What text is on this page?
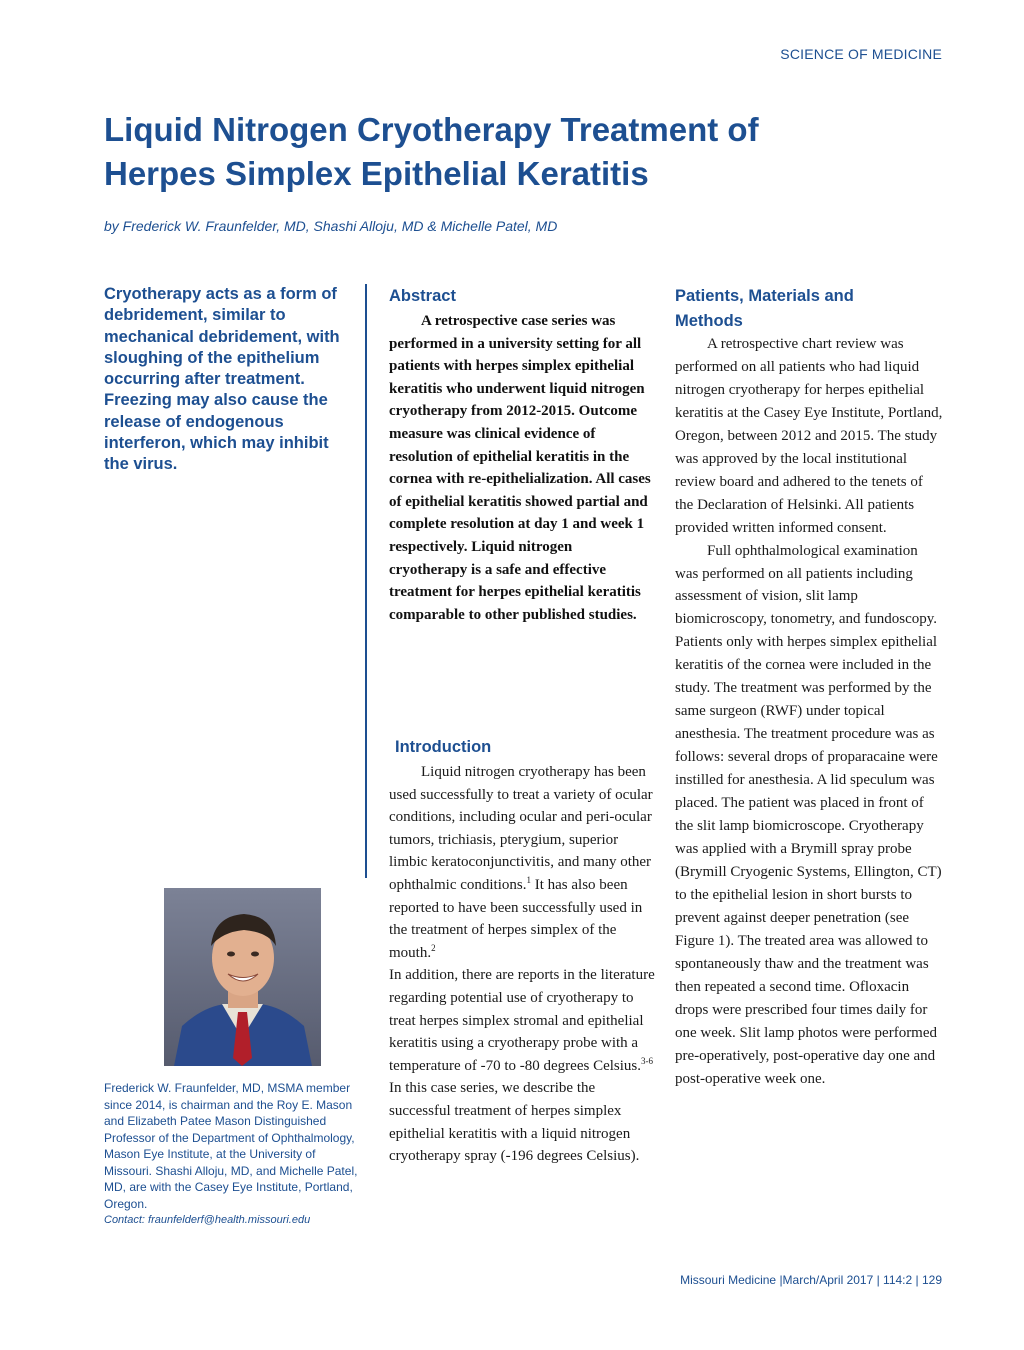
SCIENCE OF MEDICINE
Liquid Nitrogen Cryotherapy Treatment of Herpes Simplex Epithelial Keratitis
by Frederick W. Fraunfelder, MD, Shashi Alloju, MD & Michelle Patel, MD

Cryotherapy acts as a form of debridement, similar to mechanical debridement, with sloughing of the epithelium occurring after treatment. Freezing may also cause the release of endogenous interferon, which may inhibit the virus.

Frederick W. Fraunfelder, MD, MSMA member since 2014, is chairman and the Roy E. Mason and Elizabeth Patee Mason Distinguished Professor of the Department of Ophthalmology, Mason Eye Institute, at the University of Missouri. Shashi Alloju, MD, and Michelle Patel, MD, are with the Casey Eye Institute, Portland, Oregon.
Contact: fraunfelderf@health.missouri.edu
Abstract

A retrospective case series was performed in a university setting for all patients with herpes simplex epithelial keratitis who underwent liquid nitrogen cryotherapy from 2012-2015. Outcome measure was clinical evidence of resolution of epithelial keratitis in the cornea with re-epithelialization. All cases of epithelial keratitis showed partial and complete resolution at day 1 and week 1 respectively. Liquid nitrogen cryotherapy is a safe and effective treatment for herpes epithelial keratitis comparable to other published studies.

Introduction

Liquid nitrogen cryotherapy has been used successfully to treat a variety of ocular conditions, including ocular and peri-ocular tumors, trichiasis, pterygium, superior limbic keratoconjunctivitis, and many other ophthalmic conditions.$^1$ It has also been reported to have been successfully used in the treatment of herpes simplex of the mouth.$^2$
In addition, there are reports in the literature regarding potential use of cryotherapy to treat herpes simplex stromal and epithelial keratitis using a cryotherapy probe with a temperature of -70 to -80 degrees Celsius.$^{3-6}$ In this case series, we describe the successful treatment of herpes simplex epithelial keratitis with a liquid nitrogen cryotherapy spray (-196 degrees Celsius).

Patients, Materials and Methods

A retrospective chart review was performed on all patients who had liquid nitrogen cryotherapy for herpes epithelial keratitis at the Casey Eye Institute, Portland, Oregon, between 2012 and 2015. The study was approved by the local institutional review board and adhered to the tenets of the Declaration of Helsinki. All patients provided written informed consent.
Full ophthalmological examination was performed on all patients including assessment of vision, slit lamp biomicroscopy, tonometry, and fundoscopy. Patients only with herpes simplex epithelial keratitis of the cornea were included in the study. The treatment was performed by the same surgeon (RWF) under topical anesthesia. The treatment procedure was as follows: several drops of proparacaine were instilled for anesthesia. A lid speculum was placed. The patient was placed in front of the slit lamp biomicroscope. Cryotherapy was applied with a Brymill spray probe (Brymill Cryogenic Systems, Ellington, CT) to the epithelial lesion in short bursts to prevent against deeper penetration (see Figure 1). The treated area was allowed to spontaneously thaw and the treatment was then repeated a second time. Ofloxacin drops were prescribed four times daily for one week. Slit lamp photos were performed pre-operatively, post-operative day one and post-operative week one.

Missouri Medicine |March/April 2017 | 114:2 | 129
